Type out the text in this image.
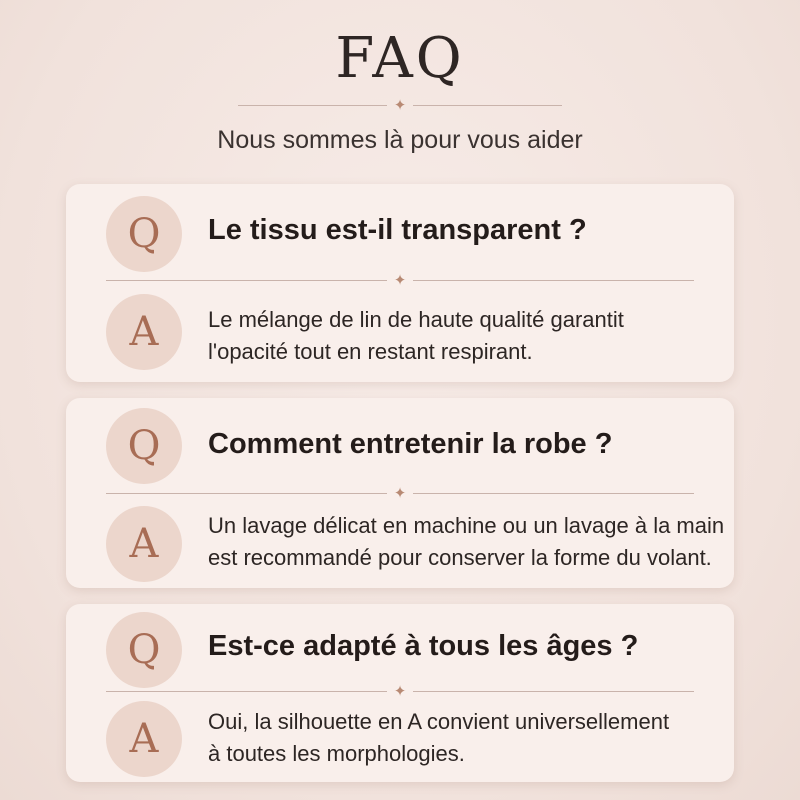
FAQ
✦

Nous sommes là pour vous aider

Q	Le tissu est-il transparent ?
✦
A	Le mélange de lin de haute qualité garantit
l'opacité tout en restant respirant.
Q	Comment entretenir la robe ?
✦
A	Un lavage délicat en machine ou un lavage à la main
est recommandé pour conserver la forme du volant.
Q	Est-ce adapté à tous les âges ?
✦
A	Oui, la silhouette en A convient universellement
à toutes les morphologies.
